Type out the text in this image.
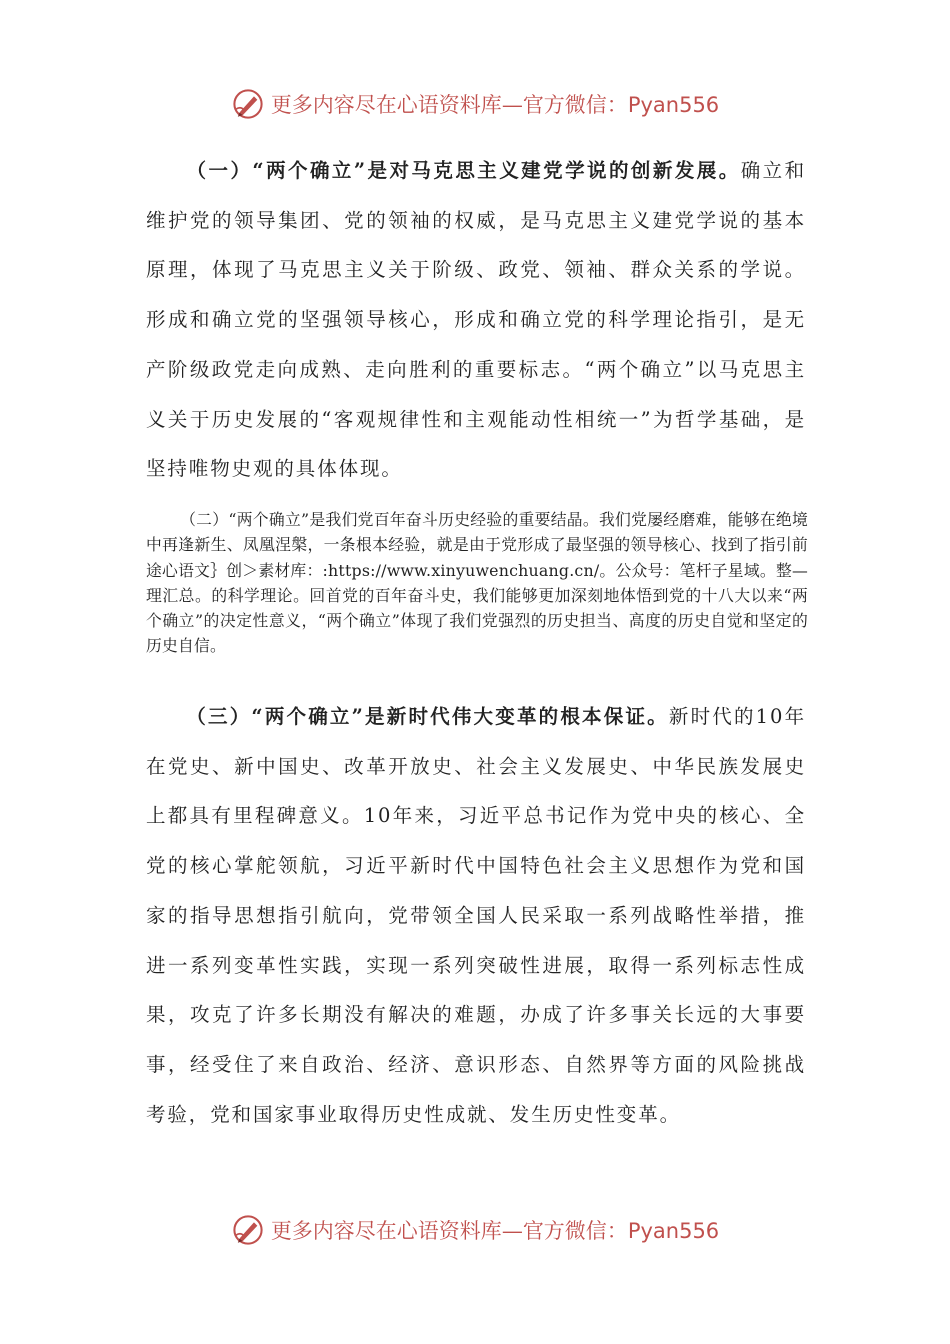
更多内容尽在心语资料库—官方微信：Pyan556

（一）“两个确立”是对马克思主义建党学说的创新发展。确立和维护党的领导集团、党的领袖的权威，是马克思主义建党学说的基本原理，体现了马克思主义关于阶级、政党、领袖、群众关系的学说。形成和确立党的坚强领导核心，形成和确立党的科学理论指引，是无产阶级政党走向成熟、走向胜利的重要标志。“两个确立”以马克思主义关于历史发展的“客观规律性和主观能动性相统一”为哲学基础，是坚持唯物史观的具体体现。

（二）“两个确立”是我们党百年奋斗历史经验的重要结晶。我们党屡经磨难，能够在绝境中再逢新生、凤凰涅槃，一条根本经验，就是由于党形成了最坚强的领导核心、找到了指引前途心语文｝创＞素材库：:https://www.xinyuwenchuang.cn/。公众号：笔杆子星域。整—理汇总。的科学理论。回首党的百年奋斗史，我们能够更加深刻地体悟到党的十八大以来“两个确立”的决定性意义，“两个确立”体现了我们党强烈的历史担当、高度的历史自觉和坚定的历史自信。

（三）“两个确立”是新时代伟大变革的根本保证。新时代的10年在党史、新中国史、改革开放史、社会主义发展史、中华民族发展史上都具有里程碑意义。10年来，习近平总书记作为党中央的核心、全党的核心掌舵领航，习近平新时代中国特色社会主义思想作为党和国家的指导思想指引航向，党带领全国人民采取一系列战略性举措，推进一系列变革性实践，实现一系列突破性进展，取得一系列标志性成果，攻克了许多长期没有解决的难题，办成了许多事关长远的大事要事，经受住了来自政治、经济、意识形态、自然界等方面的风险挑战考验，党和国家事业取得历史性成就、发生历史性变革。

更多内容尽在心语资料库—官方微信：Pyan556
